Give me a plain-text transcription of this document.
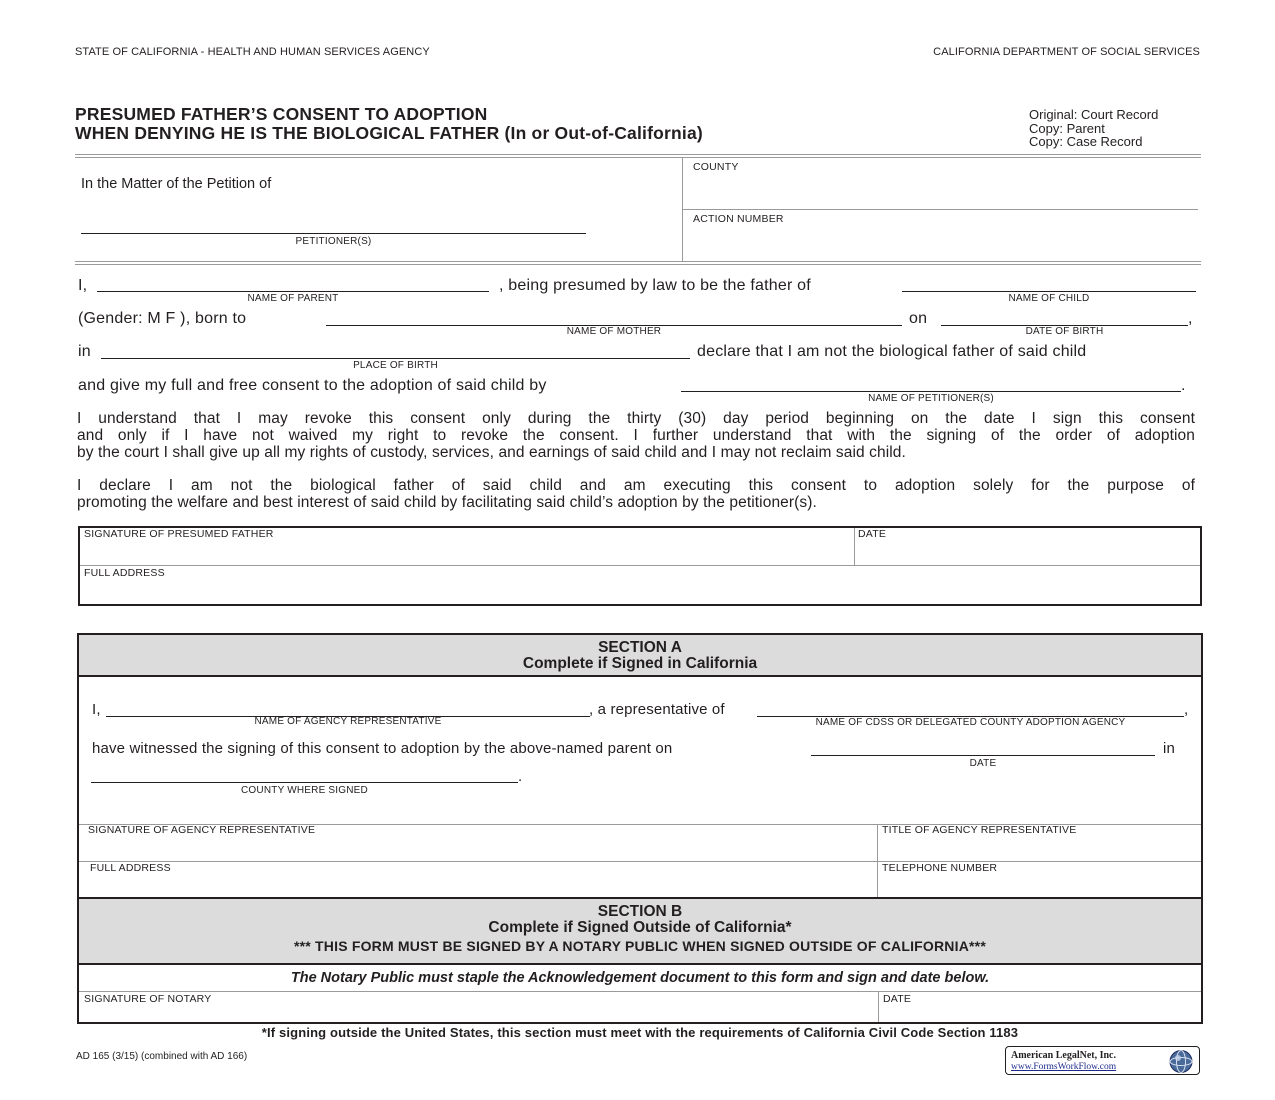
STATE OF CALIFORNIA - HEALTH AND HUMAN SERVICES AGENCY	CALIFORNIA DEPARTMENT OF SOCIAL SERVICES
PRESUMED FATHER’S CONSENT TO ADOPTION
WHEN DENYING HE IS THE BIOLOGICAL FATHER (In or Out-of-California)
Original: Court Record
Copy: Parent
Copy: Case Record
In the Matter of the Petition of
PETITIONER(S)
COUNTY
ACTION NUMBER
I,	, being presumed by law to be the father of
NAME OF PARENT	NAME OF CHILD
(Gender: M F ), born to	on	,
NAME OF MOTHER	DATE OF BIRTH
in	declare that I am not the biological father of said child
PLACE OF BIRTH
and give my full and free consent to the adoption of said child by	.
NAME OF PETITIONER(S)
I understand that I may revoke this consent only during the thirty (30) day period beginning on the date I sign this consent
and only if I have not waived my right to revoke the consent. I further understand that with the signing of the order of adoption
by the court I shall give up all my rights of custody, services, and earnings of said child and I may not reclaim said child.
I declare I am not the biological father of said child and am executing this consent to adoption solely for the purpose of
promoting the welfare and best interest of said child by facilitating said child’s adoption by the petitioner(s).
SIGNATURE OF PRESUMED FATHER	DATE
FULL ADDRESS
SECTION A
Complete if Signed in California
I,	, a representative of	,
NAME OF AGENCY REPRESENTATIVE	NAME OF CDSS OR DELEGATED COUNTY ADOPTION AGENCY
have witnessed the signing of this consent to adoption by the above-named parent on	in
DATE
.
COUNTY WHERE SIGNED
SIGNATURE OF AGENCY REPRESENTATIVE	TITLE OF AGENCY REPRESENTATIVE
FULL ADDRESS	TELEPHONE NUMBER
SECTION B
Complete if Signed Outside of California*
*** THIS FORM MUST BE SIGNED BY A NOTARY PUBLIC WHEN SIGNED OUTSIDE OF CALIFORNIA***
The Notary Public must staple the Acknowledgement document to this form and sign and date below.
SIGNATURE OF NOTARY	DATE
*If signing outside the United States, this section must meet with the requirements of California Civil Code Section 1183
AD 165 (3/15) (combined with AD 166)	American LegalNet, Inc.
www.FormsWorkFlow.com
